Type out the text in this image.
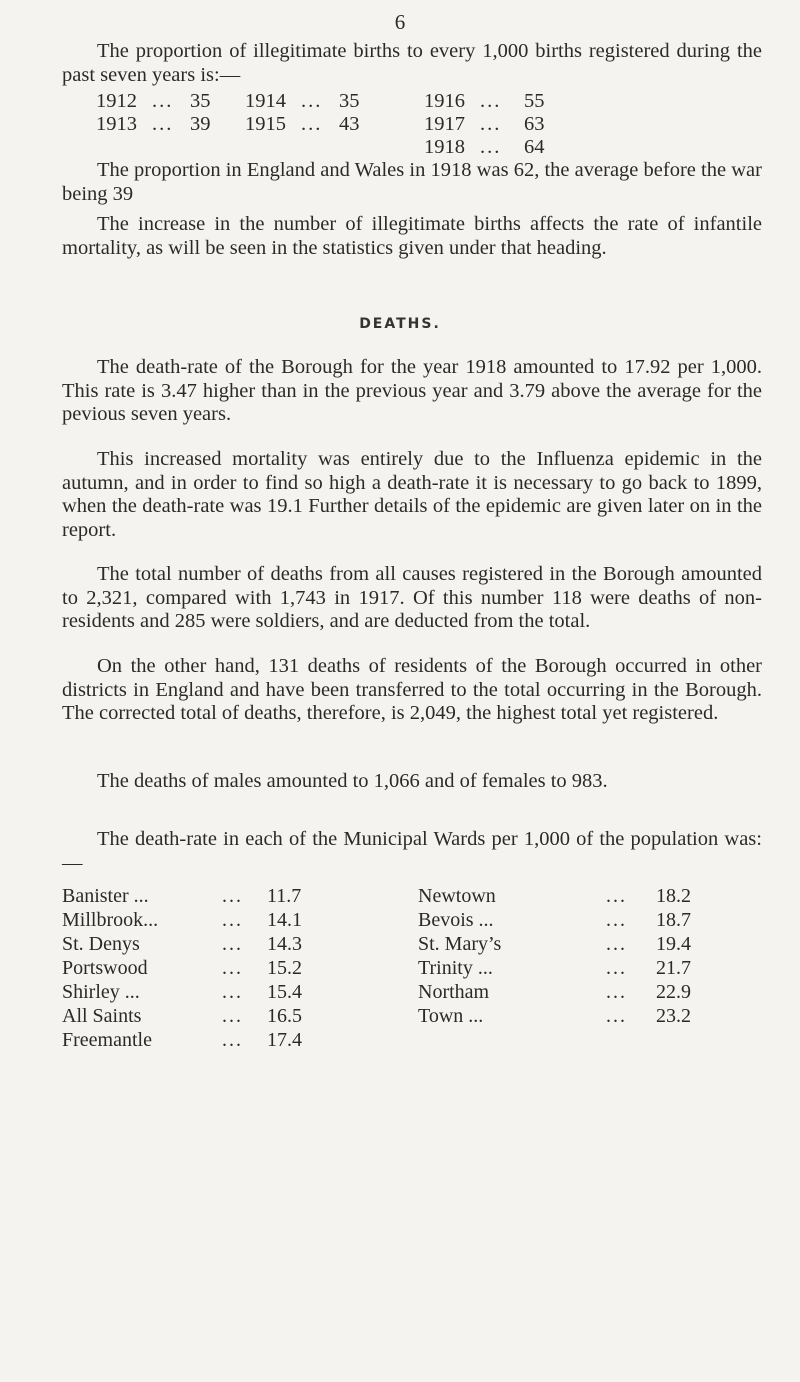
6

The proportion of illegitimate births to every 1,000 births registered during the past seven years is:—

1912 ... 35
1913 ... 39
1914 ... 35
1915 ... 43
1916 ... 55
1917 ... 63
1918 ... 64

The proportion in England and Wales in 1918 was 62, the average before the war being 39

The increase in the number of illegitimate births affects the rate of infantile mortality, as will be seen in the statistics given under that heading.

DEATHS.

The death-rate of the Borough for the year 1918 amounted to 17.92 per 1,000. This rate is 3.47 higher than in the previous year and 3.79 above the average for the pevious seven years.

This increased mortality was entirely due to the Influenza epidemic in the autumn, and in order to find so high a death-rate it is necessary to go back to 1899, when the death-rate was 19.1 Further details of the epidemic are given later on in the report.

The total number of deaths from all causes registered in the Borough amounted to 2,321, compared with 1,743 in 1917. Of this number 118 were deaths of non-residents and 285 were soldiers, and are deducted from the total.

On the other hand, 131 deaths of residents of the Borough occurred in other districts in England and have been transferred to the total occurring in the Borough. The corrected total of deaths, therefore, is 2,049, the highest total yet registered.

The deaths of males amounted to 1,066 and of females to 983.

The death-rate in each of the Municipal Wards per 1,000 of the population was:—

Banister ...	... 11.7
Millbrook...	... 14.1
St. Denys	... 14.3
Portswood	... 15.2
Shirley ...	... 15.4
All Saints	... 16.5
Freemantle	... 17.4
Newtown	... 18.2
Bevois ...	... 18.7
St. Mary’s	... 19.4
Trinity ...	... 21.7
Northam	... 22.9
Town ...	... 23.2
